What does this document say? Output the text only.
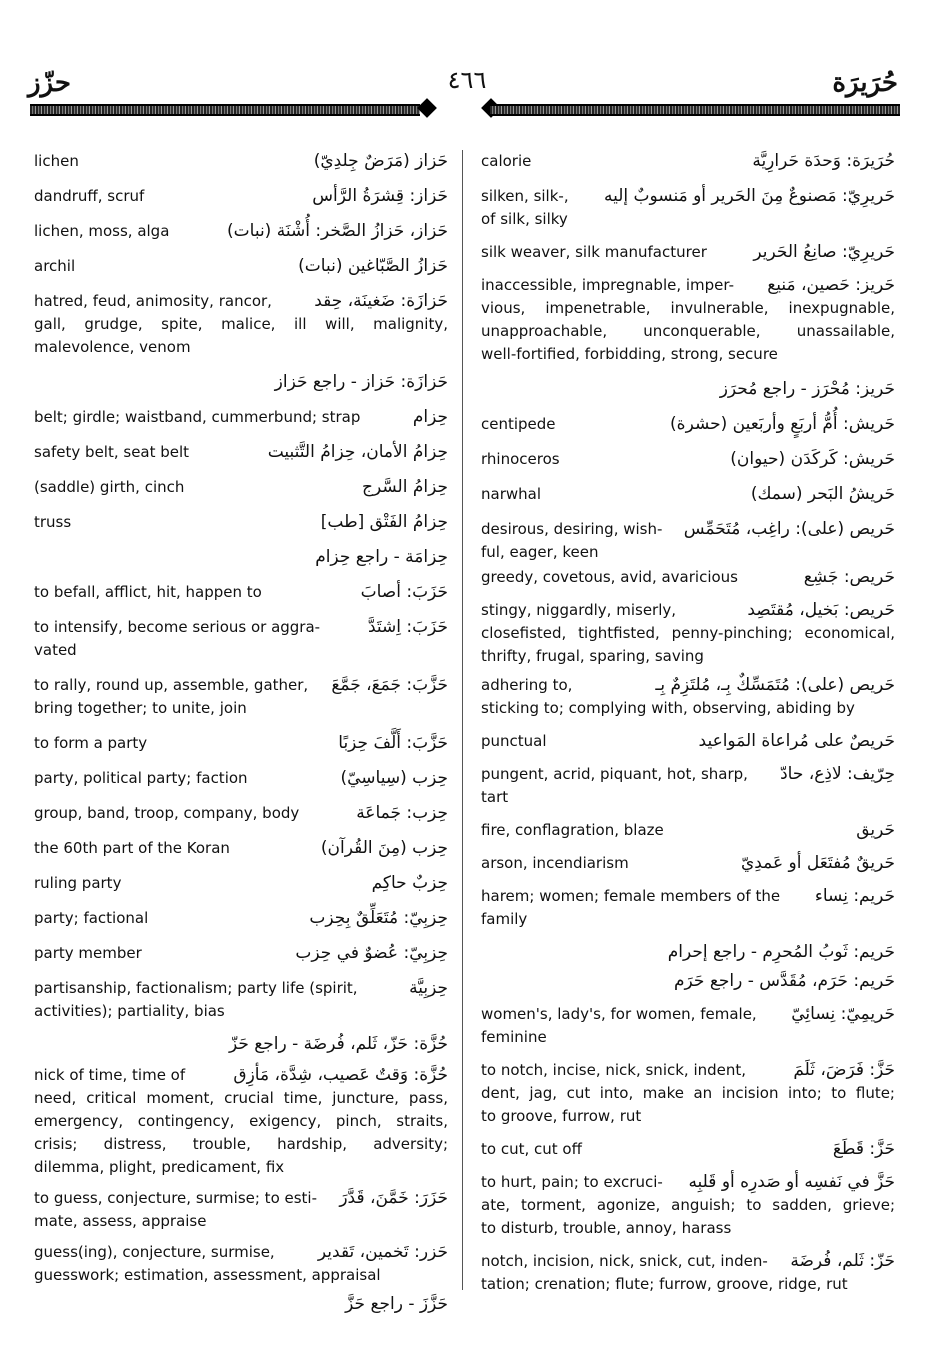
حزّز	٤٦٦	حُرَيرَة
lichen	حَزاز (مَرَضٌ جِلدِيّ)
dandruff, scruf	حَزاز: قِشرَةُ الرَّأس
lichen, moss, alga	حَزاز، حَزازُ الصَّخر: أُشْنَة (نبات)
archil	حَزازُ الصَّبّاغين (نبات)
hatred, feud, animosity, rancor, حَزازَة: ضَغينَة، حِقد
gall, grudge, spite, malice, ill will, malignity,
malevolence, venom
حَزازَة: حَزاز - راجع حَزاز
belt; girdle; waistband, cummerbund; strap	حِزام
safety belt, seat belt	حِزامُ الأمان، حِزامُ التَّثبيت
(saddle) girth, cinch	حِزامُ السَّرج
truss	حِزامُ الفَتْق [طب]
حِزامَة - راجع حِزام
to befall, afflict, hit, happen to	حَزَبَ: أصابَ
to intensify, become serious or aggra-	حَزَبَ: اِشتَدَّ
vated
to rally, round up, assemble, gather, حَزَّبَ: جَمَعَ، جَمَّعَ
bring together; to unite, join
to form a party	حَزَّبَ: أَلَّفَ حِزبًا
party, political party; faction	حِزب (سِياسِيّ)
group, band, troop, company, body	حِزب: جَماعَة
the 60th part of the Koran	حِزب (مِنَ القُرآن)
ruling party	حِزبٌ حاكِم
party; factional	حِزبِيّ: مُتَعَلِّقٌ بِحِزب
party member	حِزبِيّ: عُضوٌ في حِزب
partisanship, factionalism; party life (spirit,	حِزبِيَّة
activities); partiality, bias
حُزَّة: حَزّ، ثَلم، فُرضَة - راجع حَزّ
nick of time, time of	حُزَّة: وَقتٌ عَصيب، شِدَّة، مَأزِق
need, critical moment, crucial time, juncture, pass,
emergency, contingency, exigency, pinch, straits,
crisis; distress, trouble, hardship, adversity;
dilemma, plight, predicament, fix
to guess, conjecture, surmise; to esti- حَزَرَ: خَمَّنَ، قَدَّرَ
mate, assess, appraise
guess(ing), conjecture, surmise,	حَزر: تَخمين، تَقدير
guesswork; estimation, assessment, appraisal
حَزَّزَ - راجع حَزَّ
calorie	حُرَيرَة: وَحدَة حَرارِيَّة
silken, silk-, حَريرِيّ: مَصنوعٌ مِنَ الحَرير أو مَنسوبٌ إليه
of silk, silky
silk weaver, silk manufacturer	حَريرِيّ: صانِعُ الحَرير
inaccessible, impregnable, imper- حَريز: حَصين، مَنيع
vious, impenetrable, invulnerable, inexpugnable,
unapproachable, unconquerable, unassailable,
well-fortified, forbidding, strong, secure
حَريز: مُحْرَز - راجع مُحرَز
centipede	حَريش: أُمُّ أربَعٍ وأربَعين (حشرة)
rhinoceros	حَريش: كَركَدَن (حيوان)
narwhal	حَريشُ البَحر (سمك)
desirous, desiring, wish- حَريص (على): راغِب، مُتَحَمِّس
ful, eager, keen
greedy, covetous, avid, avaricious	حَريص: جَشِع
stingy, niggardly, miserly,	حَريص: بَخيل، مُقتَصِد
closefisted, tightfisted, penny-pinching; economical,
thrifty, frugal, sparing, saving
adhering to,	حَريص (على): مُتَمَسِّكٌ بِـ، مُلتَزِمٌ بِـ
sticking to; complying with, observing, abiding by
punctual	حَريصٌ على مُراعاة المَواعيد
pungent, acrid, piquant, hot, sharp, حِرّيف: لاذِع، حادّ
tart
fire, conflagration, blaze	حَريق
arson, incendiarism	حَريقٌ مُفتَعَل أو عَمدِيّ
harem; women; female members of the حَريم: نِساء
family
حَريم: ثَوبُ المُحرِم - راجع إحرام
حَريم: حَرَم، مُقَدَّس - راجع حَرَم
women's, lady's, for women, female, حَريمِيّ: نِسائِيّ
feminine
to notch, incise, nick, snick, indent,	حَزَّ: فَرَضَ، ثَلَمَ
dent, jag, cut into, make an incision into; to flute;
to groove, furrow, rut
to cut, cut off	حَزَّ: قَطَعَ
to hurt, pain; to excruci- حَزَّ في نَفسِه أو صَدرِه أو قَلبِه
ate, torment, agonize, anguish; to sadden, grieve;
to disturb, trouble, annoy, harass
notch, incision, nick, snick, cut, inden- حَزّ: ثَلم، فُرضَة
tation; crenation; flute; furrow, groove, ridge, rut
